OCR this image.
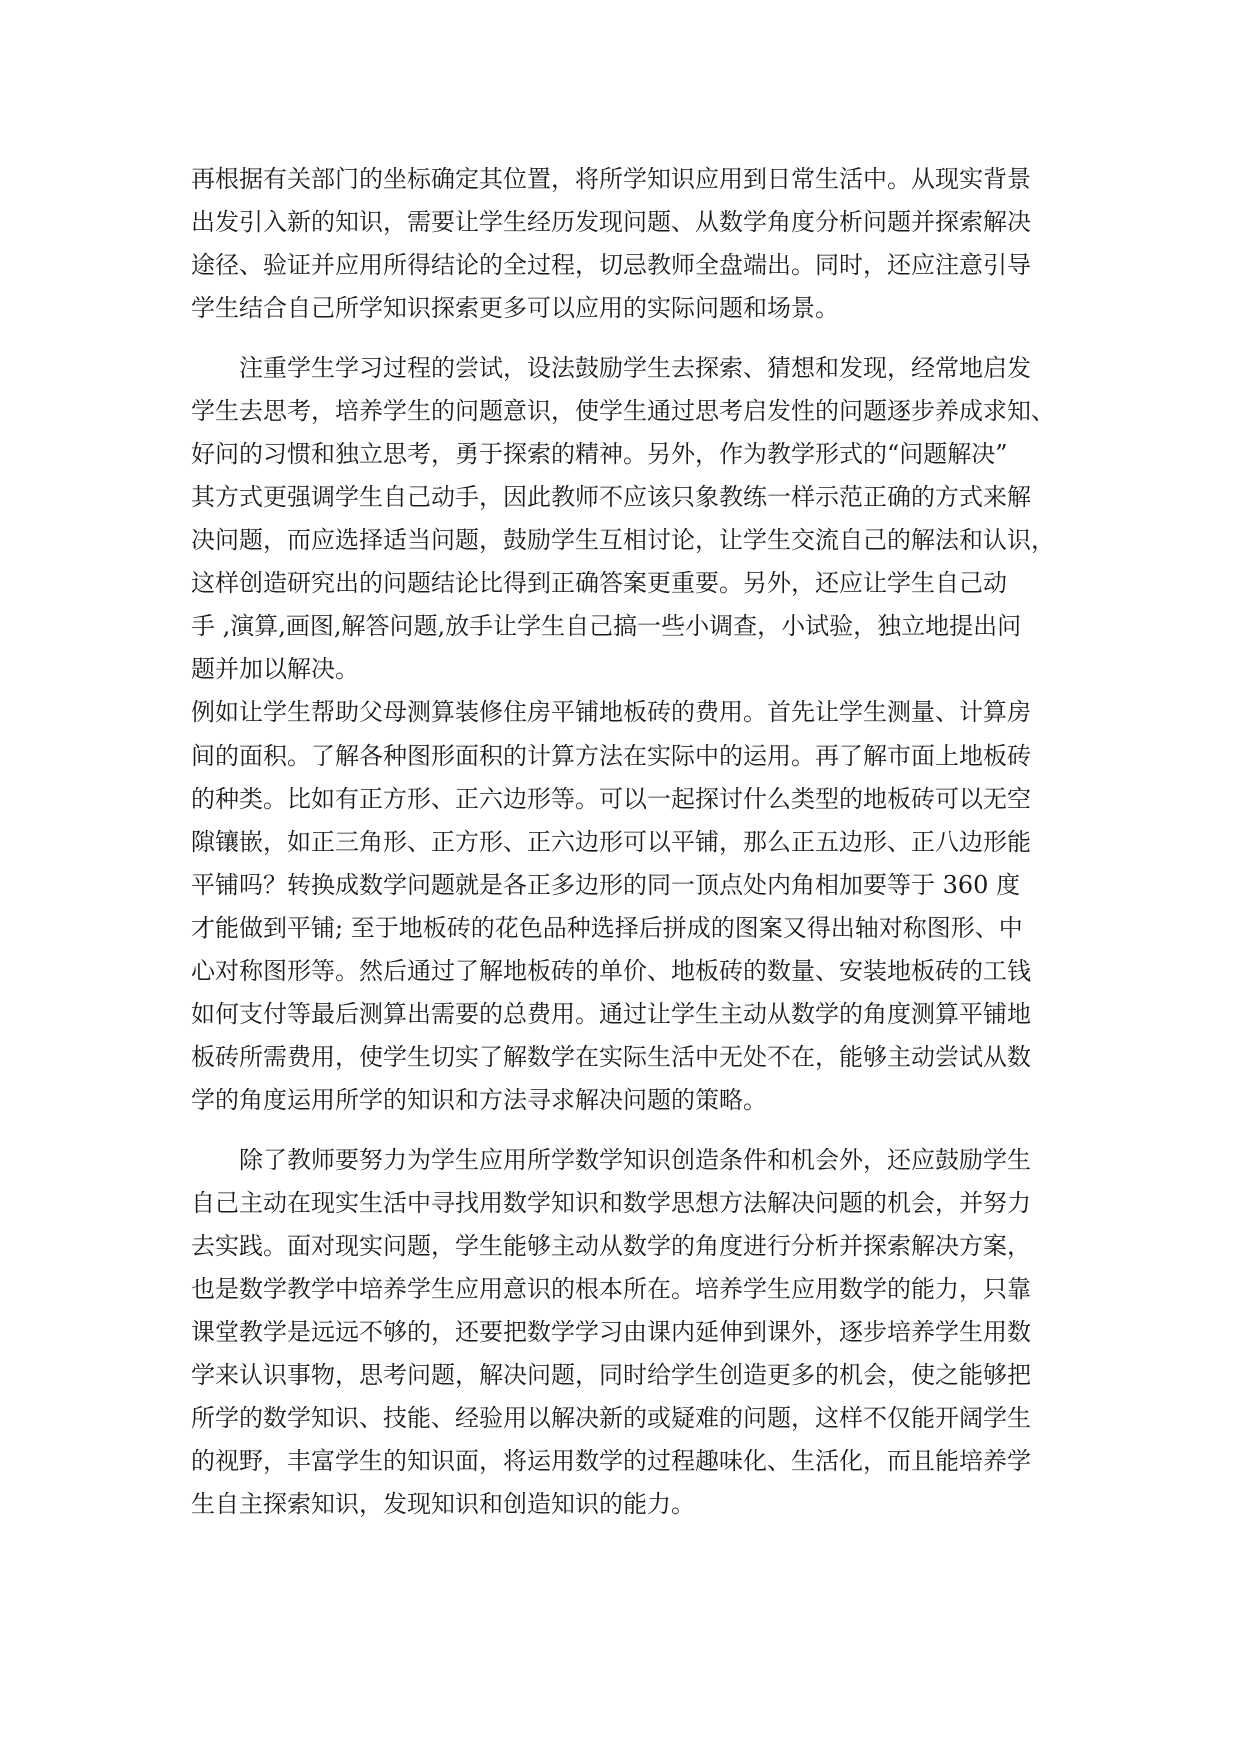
再根据有关部门的坐标确定其位置，将所学知识应用到日常生活中。从现实背景
出发引入新的知识，需要让学生经历发现问题、从数学角度分析问题并探索解决
途径、验证并应用所得结论的全过程，切忌教师全盘端出。同时，还应注意引导
学生结合自己所学知识探索更多可以应用的实际问题和场景。
注重学生学习过程的尝试，设法鼓励学生去探索、猜想和发现，经常地启发
学生去思考，培养学生的问题意识，使学生通过思考启发性的问题逐步养成求知、
好问的习惯和独立思考，勇于探索的精神。另外，作为教学形式的“问题解决”
其方式更强调学生自己动手，因此教师不应该只象教练一样示范正确的方式来解
决问题，而应选择适当问题，鼓励学生互相讨论，让学生交流自己的解法和认识，
这样创造研究出的问题结论比得到正确答案更重要。另外，还应让学生自己动
手 ,演算,画图,解答问题,放手让学生自己搞一些小调查，小试验，独立地提出问
题并加以解决。
例如让学生帮助父母测算装修住房平铺地板砖的费用。首先让学生测量、计算房
间的面积。了解各种图形面积的计算方法在实际中的运用。再了解市面上地板砖
的种类。比如有正方形、正六边形等。可以一起探讨什么类型的地板砖可以无空
隙镶嵌，如正三角形、正方形、正六边形可以平铺，那么正五边形、正八边形能
平铺吗？转换成数学问题就是各正多边形的同一顶点处内角相加要等于 360 度
才能做到平铺; 至于地板砖的花色品种选择后拼成的图案又得出轴对称图形、中
心对称图形等。然后通过了解地板砖的单价、地板砖的数量、安装地板砖的工钱
如何支付等最后测算出需要的总费用。通过让学生主动从数学的角度测算平铺地
板砖所需费用，使学生切实了解数学在实际生活中无处不在，能够主动尝试从数
学的角度运用所学的知识和方法寻求解决问题的策略。
除了教师要努力为学生应用所学数学知识创造条件和机会外，还应鼓励学生
自己主动在现实生活中寻找用数学知识和数学思想方法解决问题的机会，并努力
去实践。面对现实问题，学生能够主动从数学的角度进行分析并探索解决方案，
也是数学教学中培养学生应用意识的根本所在。培养学生应用数学的能力，只靠
课堂教学是远远不够的，还要把数学学习由课内延伸到课外，逐步培养学生用数
学来认识事物，思考问题，解决问题，同时给学生创造更多的机会，使之能够把
所学的数学知识、技能、经验用以解决新的或疑难的问题，这样不仅能开阔学生
的视野，丰富学生的知识面，将运用数学的过程趣味化、生活化，而且能培养学
生自主探索知识，发现知识和创造知识的能力。
